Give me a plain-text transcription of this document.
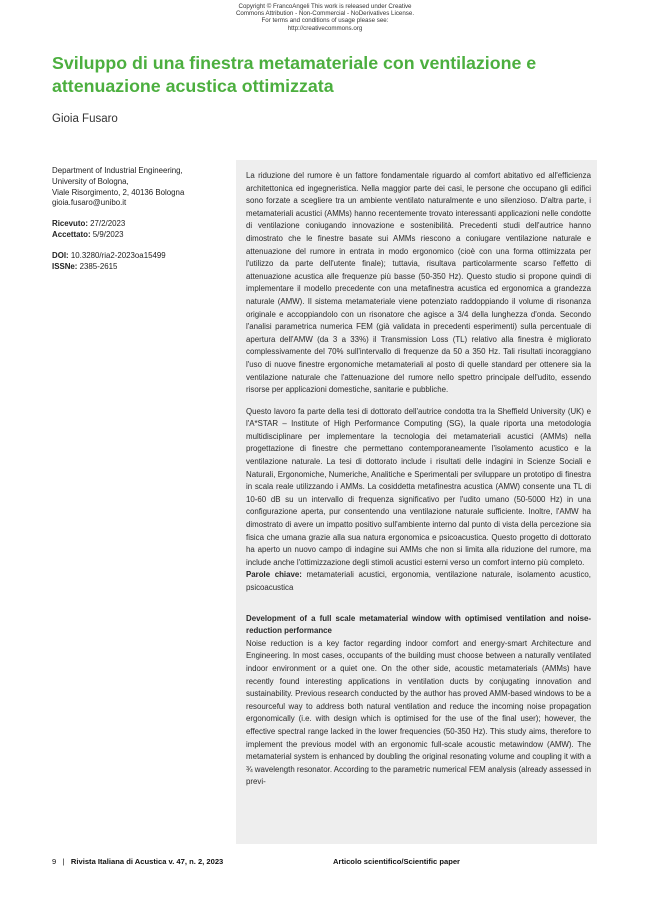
Copyright © FrancoAngeli This work is released under Creative
Commons Attribution - Non-Commercial - NoDerivatives License.
For terms and conditions of usage please see:
http://creativecommons.org
Sviluppo di una finestra metamateriale con ventilazione e attenuazione acustica ottimizzata
Gioia Fusaro

Department of Industrial Engineering,

University of Bologna,

Viale Risorgimento, 2, 40136 Bologna

gioia.fusaro@unibo.it

Ricevuto: 27/2/2023

Accettato: 5/9/2023

DOI: 10.3280/ria2-2023oa15499

ISSNe: 2385-2615

La riduzione del rumore è un fattore fondamentale riguardo al comfort abitativo ed all'efficienza architettonica ed ingegneristica. Nella maggior parte dei casi, le persone che occupano gli edifici sono forzate a scegliere tra un ambiente ventilato naturalmente e uno silenzioso. D'altra parte, i metamateriali acustici (AMMs) hanno recentemente trovato interessanti applicazioni nelle condotte di ventilazione coniugando innovazione e sostenibilità. Precedenti studi dell'autrice hanno dimostrato che le finestre basate sui AMMs riescono a coniugare ventilazione naturale e attenuazione del rumore in entrata in modo ergonomico (cioè con una forma ottimizzata per l'utilizzo da parte dell'utente finale); tuttavia, risultava particolarmente scarso l'effetto di attenuazione acustica alle frequenze più basse (50-350 Hz). Questo studio si propone quindi di implementare il modello precedente con una metafinestra acustica ed ergonomica a grandezza naturale (AMW). Il sistema metamateriale viene potenziato raddoppiando il volume di risonanza originale e accoppiandolo con un risonatore che agisce a 3/4 della lunghezza d'onda. Secondo l'analisi parametrica numerica FEM (già validata in precedenti esperimenti) sulla percentuale di apertura dell'AMW (da 3 a 33%) il Transmission Loss (TL) relativo alla finestra è migliorato complessivamente del 70% sull'intervallo di frequenze da 50 a 350 Hz. Tali risultati incoraggiano l'uso di nuove finestre ergonomiche metamateriali al posto di quelle standard per ottenere sia la ventilazione naturale che l'attenuazione del rumore nello spettro principale dell'udito, essendo risorse per applicazioni domestiche, sanitarie e pubbliche.

Questo lavoro fa parte della tesi di dottorato dell'autrice condotta tra la Sheffield University (UK) e l'A*STAR – Institute of High Performance Computing (SG), la quale riporta una metodologia multidisciplinare per implementare la tecnologia dei metamateriali acustici (AMMs) nella progettazione di finestre che permettano contemporaneamente l'isolamento acustico e la ventilazione naturale. La tesi di dottorato include i risultati delle indagini in Scienze Sociali e Naturali, Ergonomiche, Numeriche, Analitiche e Sperimentali per sviluppare un prototipo di finestra in scala reale utilizzando i AMMs. La cosiddetta metafinestra acustica (AMW) consente una TL di 10-60 dB su un intervallo di frequenza significativo per l'udito umano (50-5000 Hz) in una configurazione aperta, pur consentendo una ventilazione naturale sufficiente. Inoltre, l'AMW ha dimostrato di avere un impatto positivo sull'ambiente interno dal punto di vista della percezione sia fisica che umana grazie alla sua natura ergonomica e psicoacustica. Questo progetto di dottorato ha aperto un nuovo campo di indagine sui AMMs che non si limita alla riduzione del rumore, ma include anche l'ottimizzazione degli stimoli acustici esterni verso un comfort interno più completo.

Parole chiave: metamateriali acustici, ergonomia, ventilazione naturale, isolamento acustico, psicoacustica

Development of a full scale metamaterial window with optimised ventilation and noise-reduction performance

Noise reduction is a key factor regarding indoor comfort and energy-smart Architecture and Engineering. In most cases, occupants of the building must choose between a naturally ventilated indoor environment or a quiet one. On the other side, acoustic metamaterials (AMMs) have recently found interesting applications in ventilation ducts by conjugating innovation and sustainability. Previous research conducted by the author has proved AMM-based windows to be a resourceful way to address both natural ventilation and reduce the incoming noise propagation ergonomically (i.e. with design which is optimised for the use of the final user); however, the effective spectral range lacked in the lower frequencies (50-350 Hz). This study aims, therefore to implement the previous model with an ergonomic full-scale acoustic metawindow (AMW). The metamaterial system is enhanced by doubling the original resonating volume and coupling it with a ¾ wavelength resonator. According to the parametric numerical FEM analysis (already assessed in previ-

9 | Rivista Italiana di Acustica v. 47, n. 2, 2023	Articolo scientifico/Scientific paper
